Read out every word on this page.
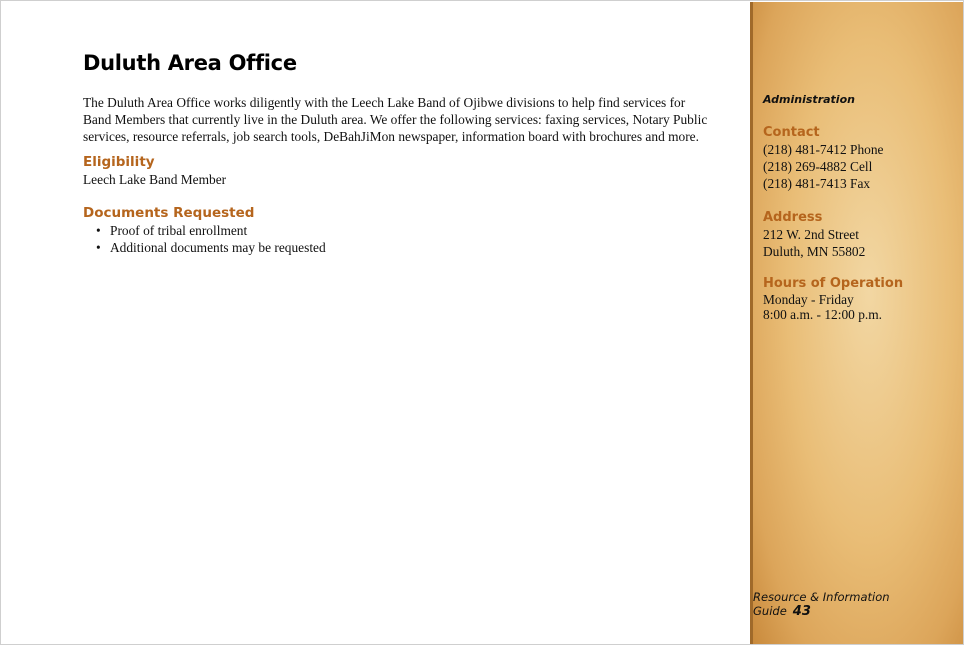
Duluth Area Office

The Duluth Area Office works diligently with the Leech Lake Band of Ojibwe divisions to help find services for
Band Members that currently live in the Duluth area. We offer the following services: faxing services, Notary Public
services, resource referrals, job search tools, DeBahJiMon newspaper, information board with brochures and more.

Eligibility

Leech Lake Band Member

Documents Requested
• Proof of tribal enrollment
• Additional documents may be requested

Administration

Contact

(218) 481-7412 Phone

(218) 269-4882 Cell

(218) 481-7413 Fax

Address

212 W. 2nd Street

Duluth, MN 55802

Hours of Operation

Monday - Friday

8:00 a.m. - 12:00 p.m.

Resource & Information Guide 43
